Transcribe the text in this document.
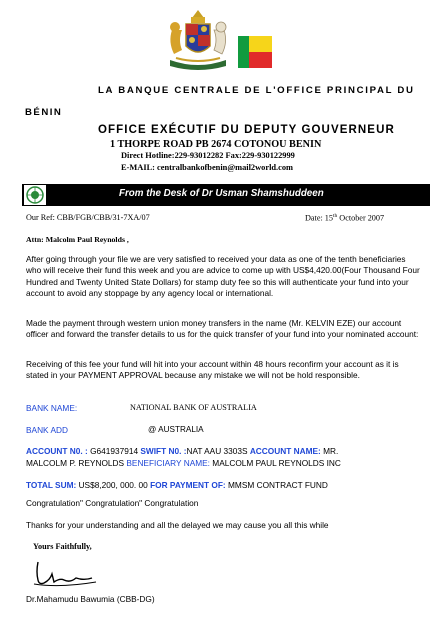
LA BANQUE CENTRALE DE L'OFFICE PRINCIPAL DU
BÉNIN
OFFICE EXÉCUTIF DU DEPUTY GOUVERNEUR
1 THORPE ROAD PB 2674 COTONOU BENIN
Direct Hotline:229-93012282 Fax:229-930122999
E-MAIL: centralbankofbenin@mail2world.com
From the Desk of Dr Usman Shamshuddeen
Our Ref: CBB/FGB/CBB/31-7XA/07	Date: 15th October 2007
Attn: Malcolm Paul Reynolds ,
After going through your file we are very satisfied to received your data as one of the tenth beneficiaries who will receive their fund this week and you are advice to come up with US$4,420.00(Four Thousand Four Hundred and Twenty United State Dollars) for stamp duty fee so this will authenticate your fund into your account to avoid any stoppage by any agency local or international.
Made the payment through western union money transfers in the name (Mr. KELVIN EZE) our account officer and forward the transfer details to us for the quick transfer of your fund into your nominated account:
Receiving of this fee your fund will hit into your account within 48 hours reconfirm your account as it is stated in your PAYMENT APPROVAL because any mistake we will not be hold responsible.
BANK NAME:	NATIONAL BANK OF AUSTRALIA
BANK ADD	@ AUSTRALIA
ACCOUNT N0. : G641937914 SWIFT N0. :NAT AAU 3303S ACCOUNT NAME: MR.
MALCOLM P. REYNOLDS BENEFICIARY NAME: MALCOLM PAUL REYNOLDS INC
TOTAL SUM: US$8,200, 000. 00 FOR PAYMENT OF: MMSM CONTRACT FUND
Congratulation" Congratulation" Congratulation
Thanks for your understanding and all the delayed we may cause you all this while
Yours Faithfully,
Dr.Mahamudu Bawumia (CBB-DG)
